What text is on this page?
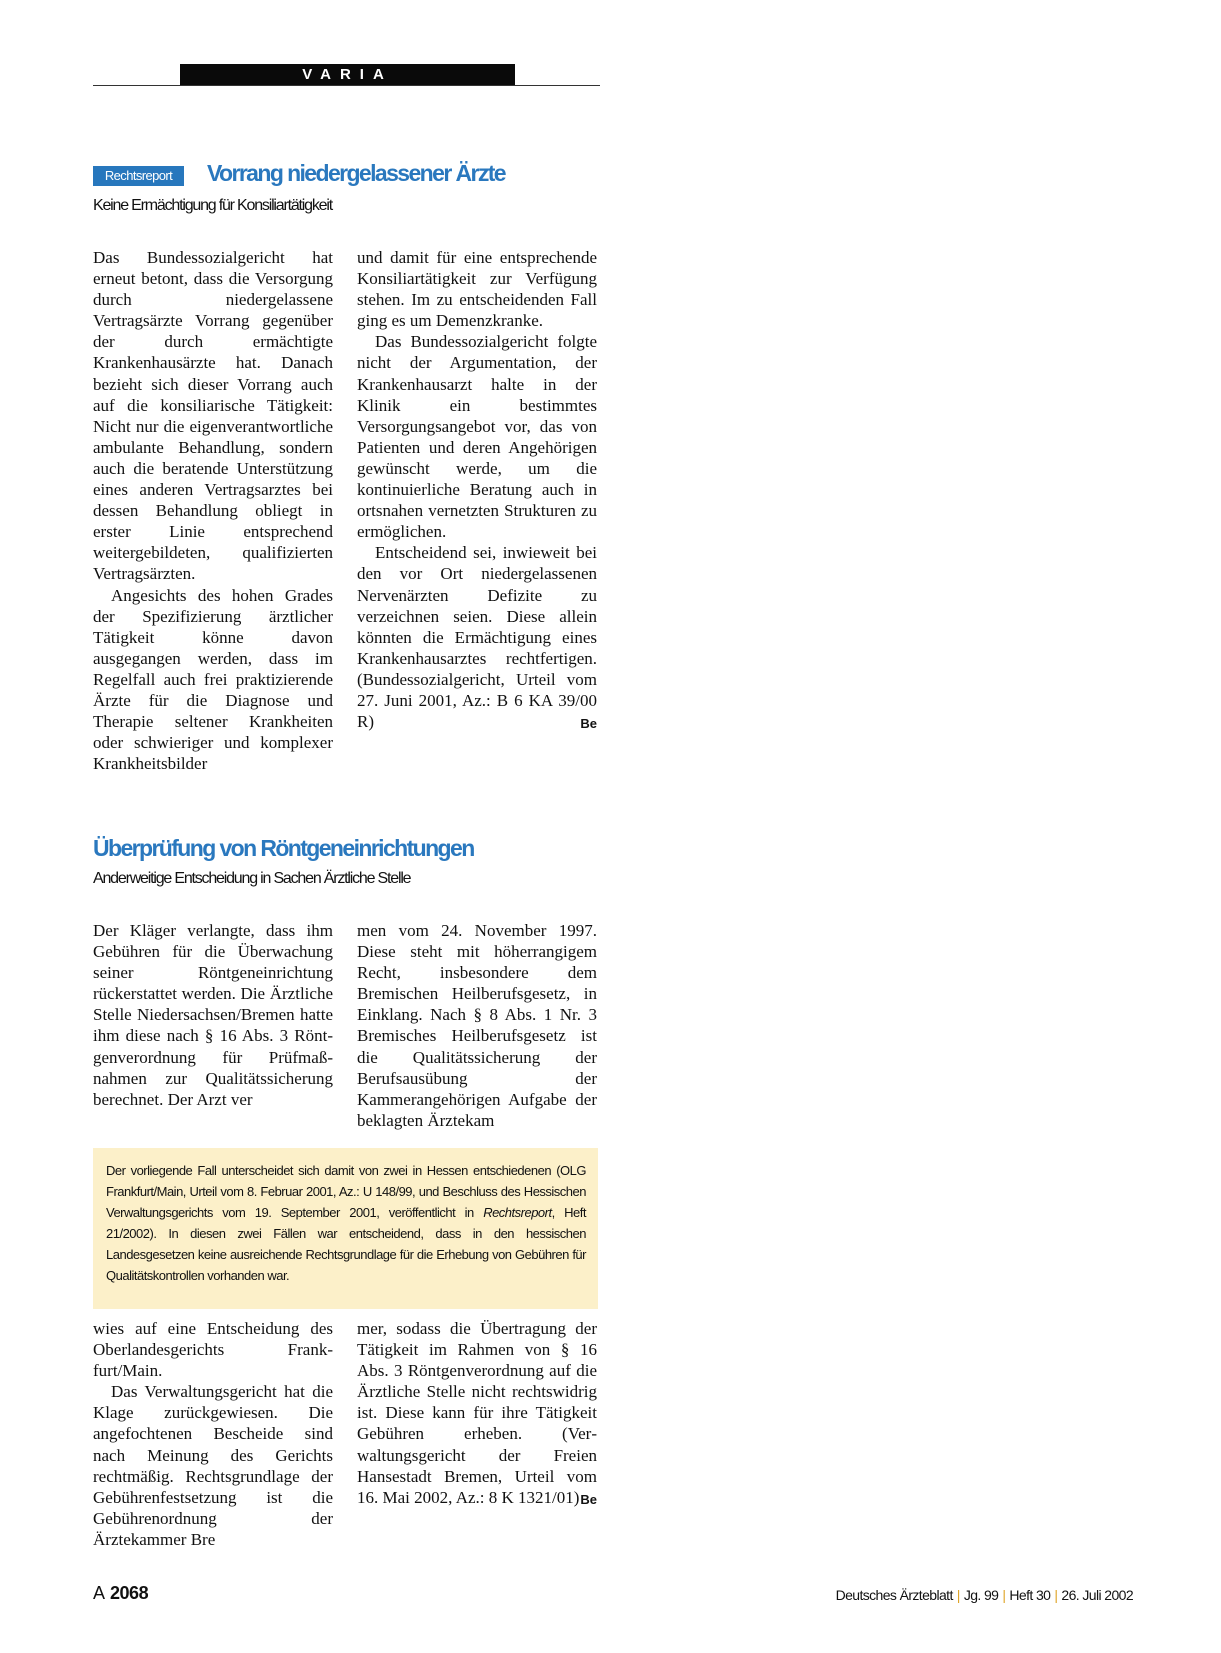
VARIA
Rechtsreport	Vorrang niedergelassener Ärzte
Keine Ermächtigung für Konsiliartätigkeit

Das Bundessozialgericht hat erneut betont, dass die Versorgung durch niedergelassene Vertragsärzte Vorrang gegenüber der durch ermächtigte Krankenhausärzte hat. Danach bezieht sich dieser Vorrang auch auf die konsiliarische Tätigkeit: Nicht nur die eigenverantwortliche ambulante Behandlung, sondern auch die beratende Unterstützung eines anderen Vertragsarztes bei dessen Behandlung obliegt in erster Linie entsprechend weitergebildeten, qualifizierten Vertragsärzten.

Angesichts des hohen Grades der Spezifizierung ärztlicher Tätigkeit könne davon ausgegangen werden, dass im Regelfall auch frei praktizierende Ärzte für die Diagnose und Therapie seltener Krankheiten oder schwieriger und komplexer Krankheitsbilder

und damit für eine entsprechende Konsiliartätigkeit zur Verfügung stehen. Im zu entscheidenden Fall ging es um Demenzkranke.

Das Bundessozialgericht folgte nicht der Argumentation, der Krankenhausarzt halte in der Klinik ein bestimmtes Versorgungsangebot vor, das von Patienten und deren Angehörigen gewünscht werde, um die kontinuierliche Beratung auch in ortsnahen vernetzten Strukturen zu ermöglichen.

Entscheidend sei, inwieweit bei den vor Ort niedergelassenen Nervenärzten Defizite zu verzeichnen seien. Diese allein könnten die Ermächtigung eines Krankenhausarztes rechtfertigen. (Bundessozialgericht, Urteil vom 27. Juni 2001, Az.: B 6 KA 39/00 R)	Be

Überprüfung von Röntgeneinrichtungen
Anderweitige Entscheidung in Sachen Ärztliche Stelle

Der Kläger verlangte, dass ihm Gebühren für die Überwachung seiner Röntgeneinrichtung rückerstattet werden. Die Ärztliche Stelle Niedersachsen/Bremen hatte ihm diese nach § 16 Abs. 3 Röntgenverordnung für Prüfmaßnahmen zur Qualitätssicherung berechnet. Der Arzt ver

men vom 24. November 1997. Diese steht mit höherrangigem Recht, insbesondere dem Bremischen Heilberufsgesetz, in Einklang. Nach § 8 Abs. 1 Nr. 3 Bremisches Heilberufsgesetz ist die Qualitätssicherung der Berufsausübung der Kammerangehörigen Aufgabe der beklagten Ärztekam

Der vorliegende Fall unterscheidet sich damit von zwei in Hessen entschiedenen (OLG Frankfurt/Main, Urteil vom 8. Februar 2001, Az.: U 148/99, und Beschluss des Hessischen Verwaltungsgerichts vom 19. September 2001, veröffentlicht in Rechtsreport, Heft 21/2002). In diesen zwei Fällen war entscheidend, dass in den hessischen Landesgesetzen keine ausreichende Rechtsgrundlage für die Erhebung von Gebühren für Qualitätskontrollen vorhanden war.

wies auf eine Entscheidung des Oberlandesgerichts Frankfurt/Main.

Das Verwaltungsgericht hat die Klage zurückgewiesen. Die angefochtenen Bescheide sind nach Meinung des Gerichts rechtmäßig. Rechtsgrundlage der Gebührenfestsetzung ist die Gebührenordnung der Ärztekammer Bre

mer, sodass die Übertragung der Tätigkeit im Rahmen von § 16 Abs. 3 Röntgenverordnung auf die Ärztliche Stelle nicht rechtswidrig ist. Diese kann für ihre Tätigkeit Gebühren erheben. (Verwaltungsgericht der Freien Hansestadt Bremen, Urteil vom 16. Mai 2002, Az.: 8 K 1321/01) Be

A 2068	Deutsches Ärzteblatt | Jg. 99 | Heft 30 | 26. Juli 2002
